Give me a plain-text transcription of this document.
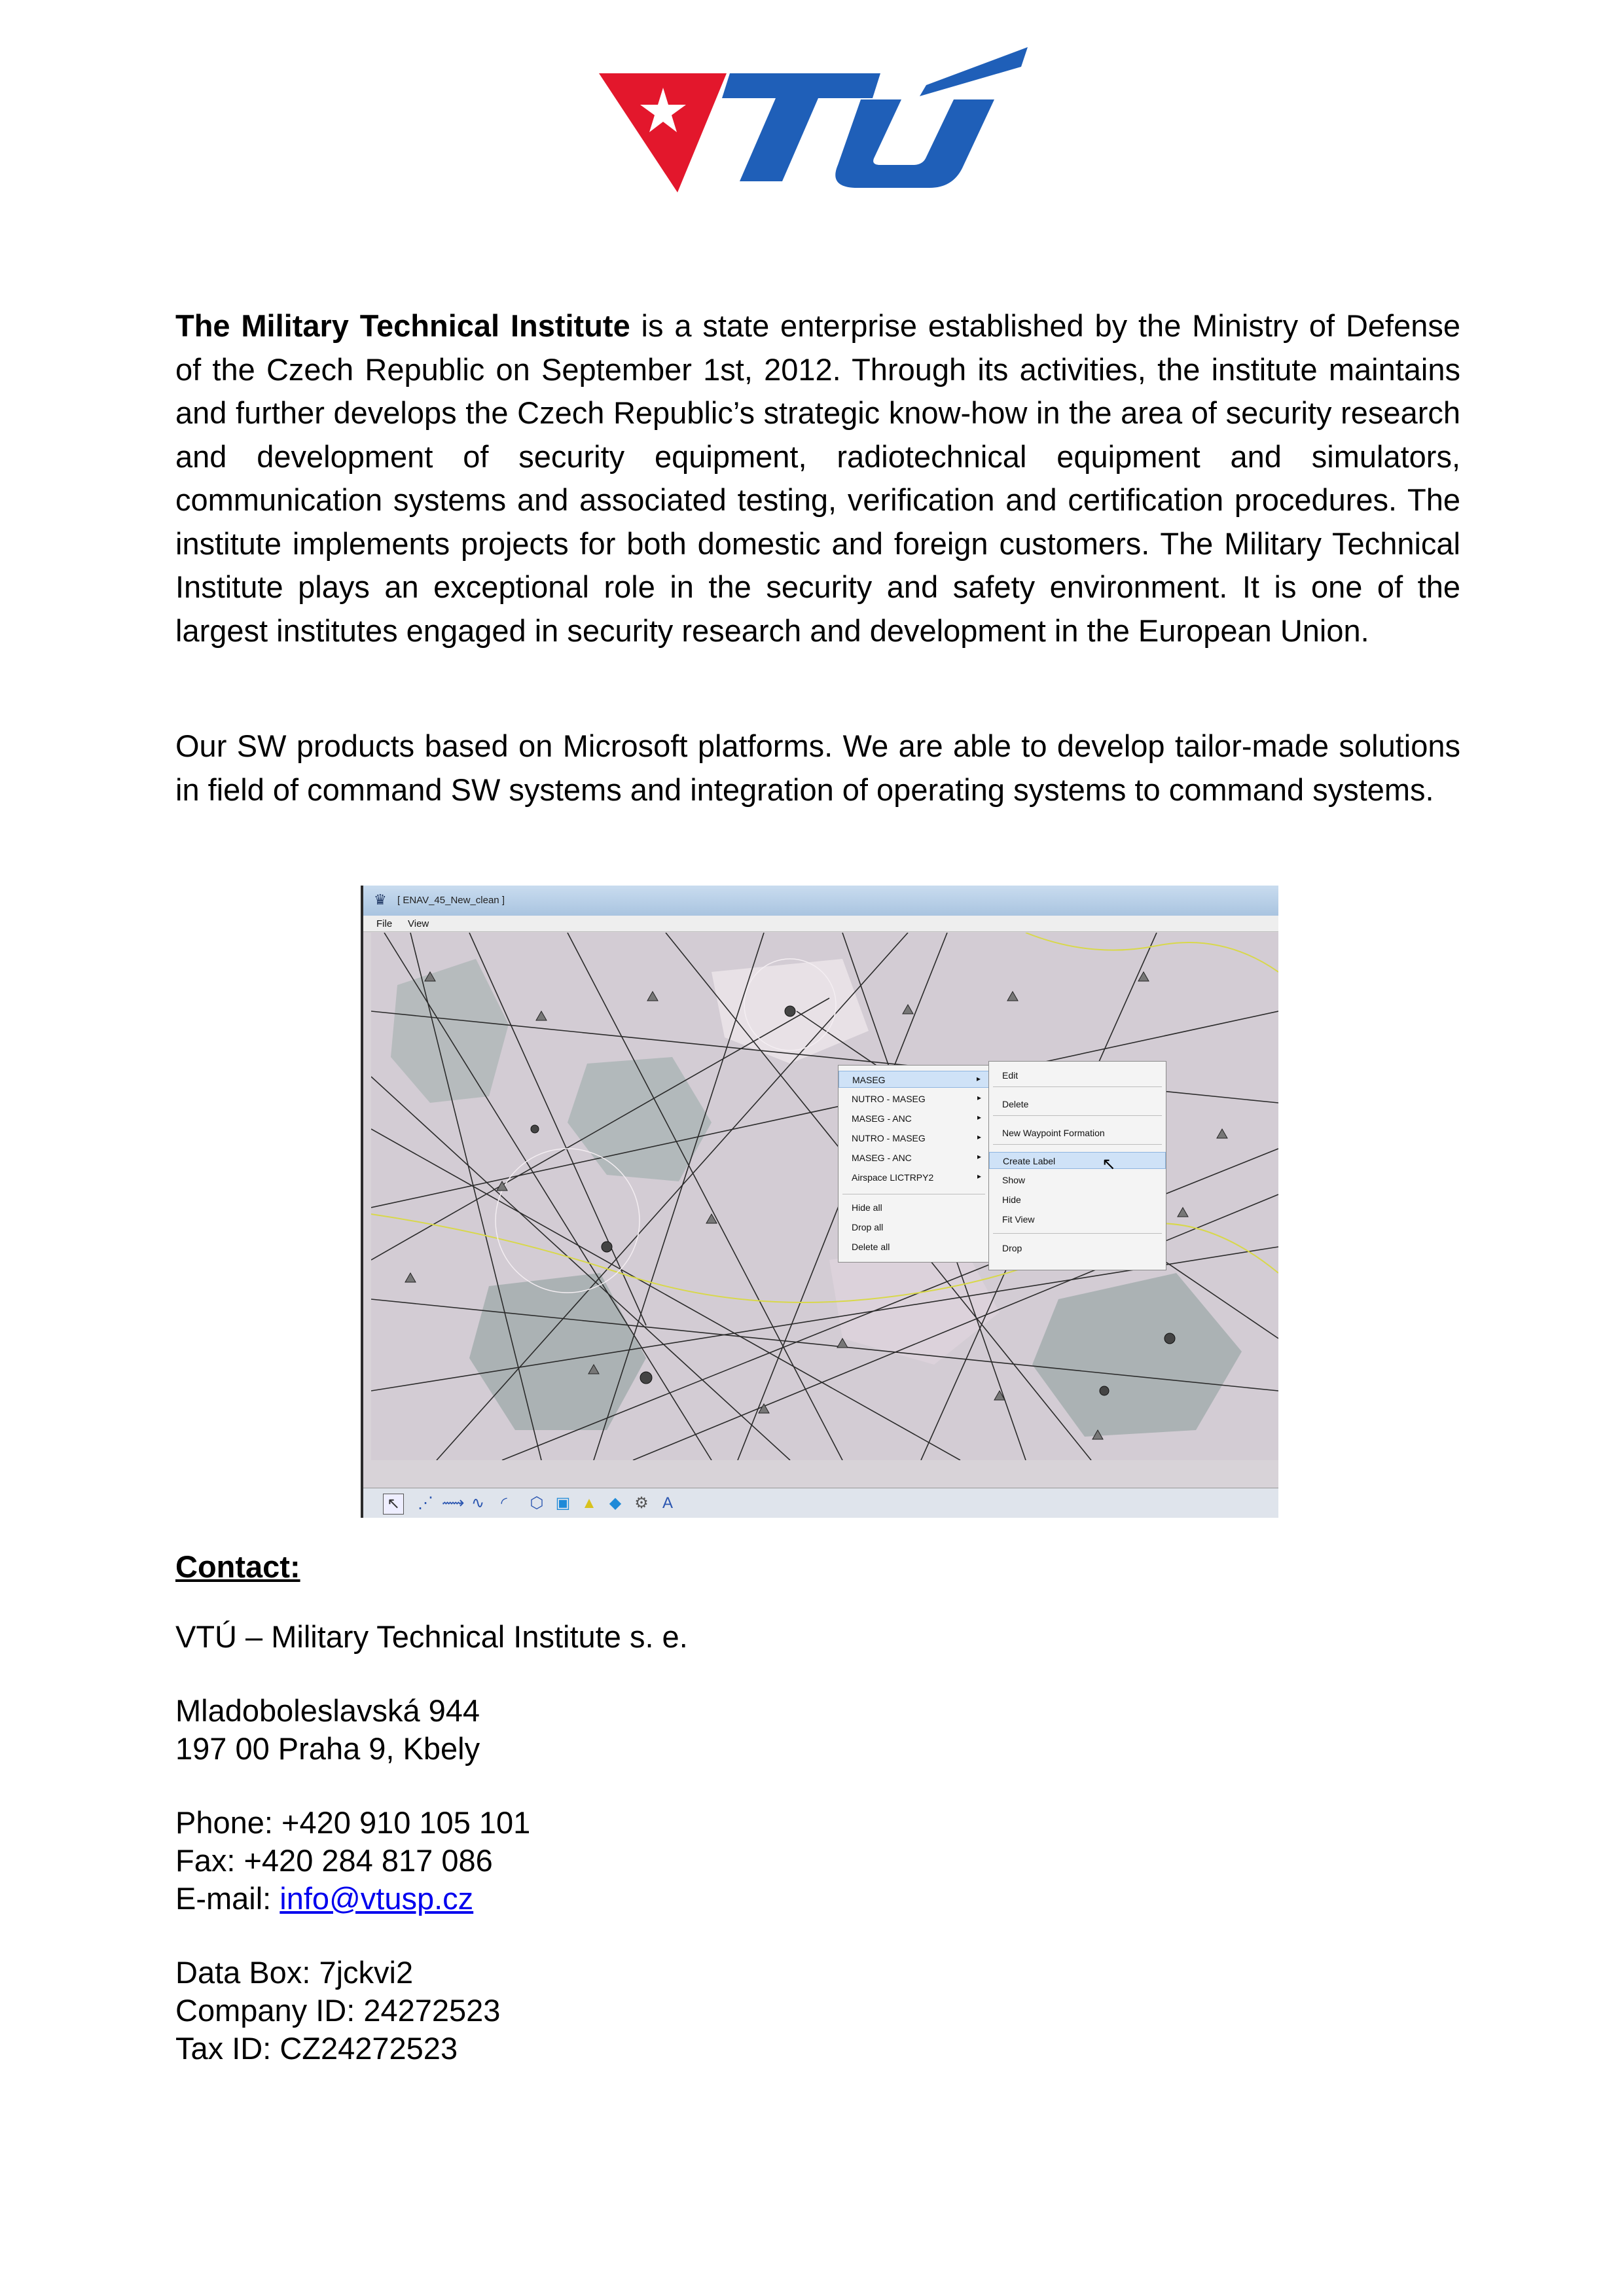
VTÚ

The Military Technical Institute is a state enterprise established by the Ministry of Defense of the Czech Republic on September 1st, 2012. Through its activities, the institute maintains and further develops the Czech Republic’s strategic know-how in the area of security research and development of security equipment, radiotechnical equipment and simulators, communication systems and associated testing, verification and certification procedures. The institute implements projects for both domestic and foreign customers. The Military Technical Institute plays an exceptional role in the security and safety environment. It is one of the largest institutes engaged in security research and development in the European Union.

Our SW products based on Microsoft platforms. We are able to develop tailor-made solutions in field of command SW systems and integration of operating systems to command systems.

♛ [ ENAV_45_New_clean ]
File View
MASEG	▸
NUTRO - MASEG	▸
MASEG - ANC	▸
NUTRO - MASEG	▸
MASEG - ANC	▸
Airspace LICTRPY2	▸
Hide all
Drop all
Delete all
Edit
Delete
New Waypoint Formation
Create Label
Show
Hide
Fit View
Drop
↖
↖ ⋰ ⟿ ∿	◜	⬡ ▣ ▲ ◆ ⚙ A

Contact:

VTÚ – Military Technical Institute s. e.

Mladoboleslavská 944

197 00 Praha 9, Kbely

Phone: +420 910 105 101

Fax: +420 284 817 086

E-mail: info@vtusp.cz

Data Box: 7jckvi2

Company ID: 24272523

Tax ID: CZ24272523
